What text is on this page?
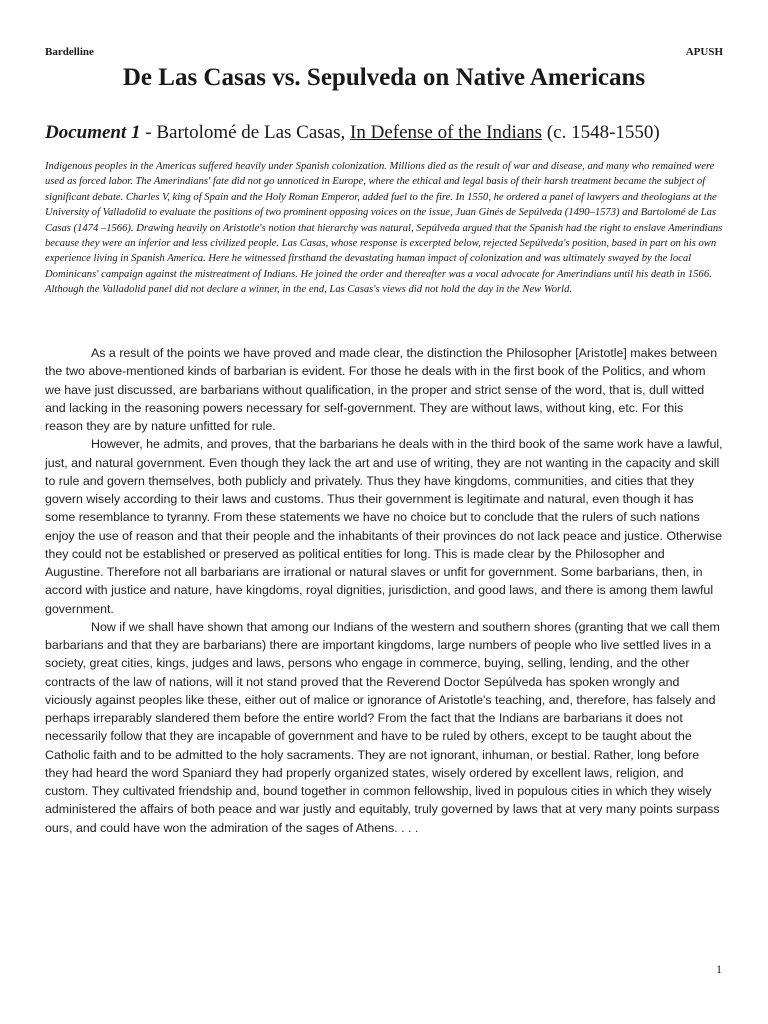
Bardelline	APUSH
De Las Casas vs. Sepulveda on Native Americans
Document 1 - Bartolomé de Las Casas, In Defense of the Indians (c. 1548-1550)
Indigenous peoples in the Americas suffered heavily under Spanish colonization. Millions died as the result of war and disease, and many who remained were used as forced labor. The Amerindians' fate did not go unnoticed in Europe, where the ethical and legal basis of their harsh treatment became the subject of significant debate. Charles V, king of Spain and the Holy Roman Emperor, added fuel to the fire. In 1550, he ordered a panel of lawyers and theologians at the University of Valladolid to evaluate the positions of two prominent opposing voices on the issue, Juan Ginés de Sepúlveda (1490–1573) and Bartolomé de Las Casas (1474 –1566). Drawing heavily on Aristotle's notion that hierarchy was natural, Sepúlveda argued that the Spanish had the right to enslave Amerindians because they were an inferior and less civilized people. Las Casas, whose response is excerpted below, rejected Sepúlveda's position, based in part on his own experience living in Spanish America. Here he witnessed firsthand the devastating human impact of colonization and was ultimately swayed by the local Dominicans' campaign against the mistreatment of Indians. He joined the order and thereafter was a vocal advocate for Amerindians until his death in 1566. Although the Valladolid panel did not declare a winner, in the end, Las Casas's views did not hold the day in the New World.

As a result of the points we have proved and made clear, the distinction the Philosopher [Aristotle] makes between the two above-mentioned kinds of barbarian is evident. For those he deals with in the first book of the Politics, and whom we have just discussed, are barbarians without qualification, in the proper and strict sense of the word, that is, dull witted and lacking in the reasoning powers necessary for self-government. They are without laws, without king, etc. For this reason they are by nature unfitted for rule.

However, he admits, and proves, that the barbarians he deals with in the third book of the same work have a lawful, just, and natural government. Even though they lack the art and use of writing, they are not wanting in the capacity and skill to rule and govern themselves, both publicly and privately. Thus they have kingdoms, communities, and cities that they govern wisely according to their laws and customs. Thus their government is legitimate and natural, even though it has some resemblance to tyranny. From these statements we have no choice but to conclude that the rulers of such nations enjoy the use of reason and that their people and the inhabitants of their provinces do not lack peace and justice. Otherwise they could not be established or preserved as political entities for long. This is made clear by the Philosopher and Augustine. Therefore not all barbarians are irrational or natural slaves or unfit for government. Some barbarians, then, in accord with justice and nature, have kingdoms, royal dignities, jurisdiction, and good laws, and there is among them lawful government.

Now if we shall have shown that among our Indians of the western and southern shores (granting that we call them barbarians and that they are barbarians) there are important kingdoms, large numbers of people who live settled lives in a society, great cities, kings, judges and laws, persons who engage in commerce, buying, selling, lending, and the other contracts of the law of nations, will it not stand proved that the Reverend Doctor Sepúlveda has spoken wrongly and viciously against peoples like these, either out of malice or ignorance of Aristotle's teaching, and, therefore, has falsely and perhaps irreparably slandered them before the entire world? From the fact that the Indians are barbarians it does not necessarily follow that they are incapable of government and have to be ruled by others, except to be taught about the Catholic faith and to be admitted to the holy sacraments. They are not ignorant, inhuman, or bestial. Rather, long before they had heard the word Spaniard they had properly organized states, wisely ordered by excellent laws, religion, and custom. They cultivated friendship and, bound together in common fellowship, lived in populous cities in which they wisely administered the affairs of both peace and war justly and equitably, truly governed by laws that at very many points surpass ours, and could have won the admiration of the sages of Athens. . . .

1
